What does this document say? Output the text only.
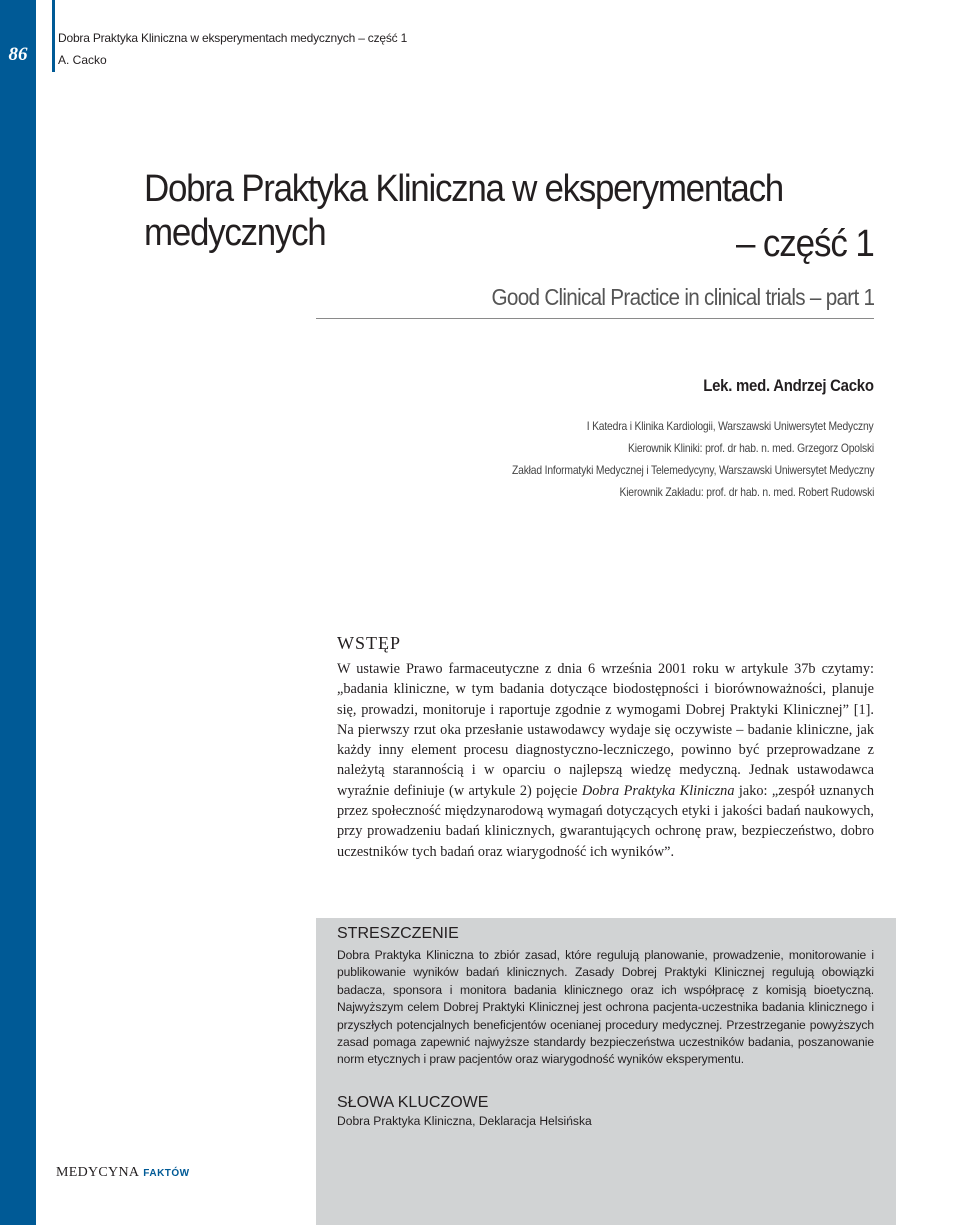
86
Dobra Praktyka Kliniczna w eksperymentach medycznych – część 1
A. Cacko
Dobra Praktyka Kliniczna w eksperymentach medycznych	– część 1
Good Clinical Practice in clinical trials – part 1
Lek. med. Andrzej Cacko
I Katedra i Klinika Kardiologii, Warszawski Uniwersytet Medyczny
Kierownik Kliniki: prof. dr hab. n. med. Grzegorz Opolski
Zakład Informatyki Medycznej i Telemedycyny, Warszawski Uniwersytet Medyczny
Kierownik Zakładu: prof. dr hab. n. med. Robert Rudowski
WSTĘP

W ustawie Prawo farmaceutyczne z dnia 6 września 2001 roku w artykule 37b czytamy: „badania kliniczne, w tym badania dotyczące biodostępności i biorównoważności, planuje się, prowadzi, monitoruje i raportuje zgodnie z wymogami Dobrej Praktyki Klinicznej” [1]. Na pierwszy rzut oka przesłanie ustawodawcy wydaje się oczywiste – badanie kliniczne, jak każdy inny element procesu diagnostyczno-leczniczego, powinno być przeprowadzane z należytą starannością i w oparciu o najlepszą wiedzę medyczną. Jednak ustawodawca wyraźnie definiuje (w artykule 2) pojęcie Dobra Praktyka Kliniczna jako: „zespół uznanych przez społeczność międzynarodową wymagań dotyczących etyki i jakości badań naukowych, przy prowadzeniu badań klinicznych, gwarantujących ochronę praw, bezpieczeństwo, dobro uczestników tych badań oraz wiarygodność ich wyników”.

STRESZCZENIE
Dobra Praktyka Kliniczna to zbiór zasad, które regulują planowanie, prowadzenie, monitorowanie i publikowanie wyników badań klinicznych. Zasady Dobrej Praktyki Klinicznej regulują obowiązki badacza, sponsora i monitora badania klinicznego oraz ich współpracę z komisją bioetyczną. Najwyższym celem Dobrej Praktyki Klinicznej jest ochrona pacjenta-uczestnika badania klinicznego i przyszłych potencjalnych beneficjentów ocenianej procedury medycznej. Przestrzeganie powyższych zasad pomaga zapewnić najwyższe standardy bezpieczeństwa uczestników badania, poszanowanie norm etycznych i praw pacjentów oraz wiarygodność wyników eksperymentu.
SŁOWA KLUCZOWE
Dobra Praktyka Kliniczna, Deklaracja Helsińska
MEDYCYNA FAKTÓW
